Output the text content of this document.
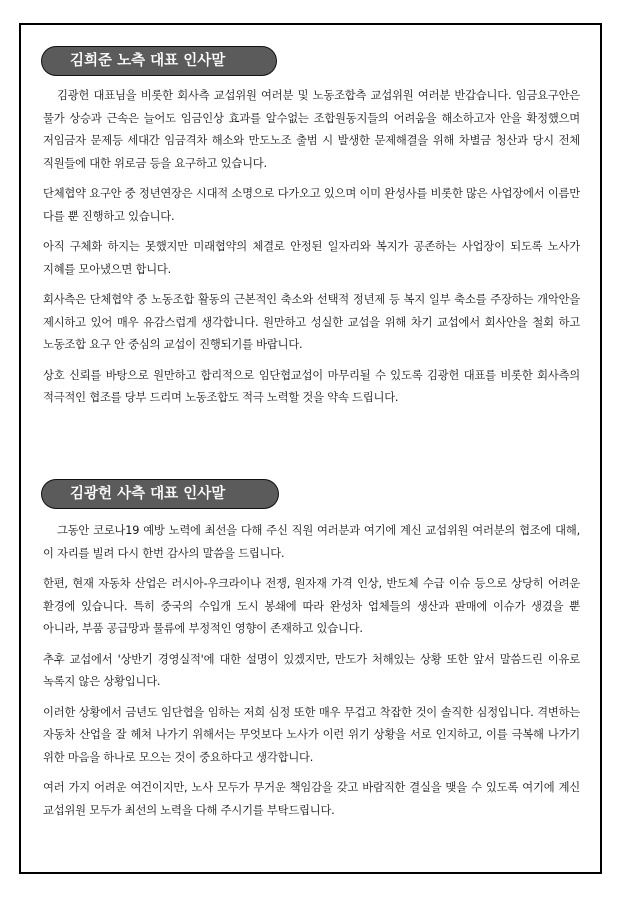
김희준 노측 대표 인사말

김광헌 대표님을 비롯한 회사측 교섭위원 여러분 및 노동조합측 교섭위원 여러분 반갑습니다. 임금요구안은 물가 상승과 근속은 늘어도 임금인상 효과를 알수없는 조합원동지들의 어려움을 해소하고자 안을 확정했으며 저임금자 문제등 세대간 임금격차 해소와 만도노조 출범 시 발생한 문제해결을 위해 차별금 청산과 당시 전체 직원들에 대한 위로금 등을 요구하고 있습니다.

단체협약 요구안 중 정년연장은 시대적 소명으로 다가오고 있으며 이미 완성사를 비롯한 많은 사업장에서 이름만 다를 뿐 진행하고 있습니다.

아직 구체화 하지는 못했지만 미래협약의 체결로 안정된 일자리와 복지가 공존하는 사업장이 되도록 노사가 지혜를 모아냈으면 합니다.

회사측은 단체협약 중 노동조합 활동의 근본적인 축소와 선택적 정년제 등 복지 일부 축소를 주장하는 개악안을 제시하고 있어 매우 유감스럽게 생각합니다. 원만하고 성실한 교섭을 위해 차기 교섭에서 회사안을 철회 하고 노동조합 요구 안 중심의 교섭이 진행되기를 바랍니다.

상호 신뢰를 바탕으로 원만하고 합리적으로 임단협교섭이 마무리될 수 있도록 김광헌 대표를 비롯한 회사측의 적극적인 협조를 당부 드리며 노동조합도 적극 노력할 것을 약속 드립니다.

김광헌 사측 대표 인사말

그동안 코로나19 예방 노력에 최선을 다해 주신 직원 여러분과 여기에 계신 교섭위원 여러분의 협조에 대해, 이 자리를 빌려 다시 한번 감사의 말씀을 드립니다.

한편, 현재 자동차 산업은 러시아-우크라이나 전쟁, 원자재 가격 인상, 반도체 수급 이슈 등으로 상당히 어려운 환경에 있습니다. 특히 중국의 수입개 도시 봉쇄에 따라 완성차 업체들의 생산과 판매에 이슈가 생겼을 뿐 아니라, 부품 공급망과 물류에 부정적인 영향이 존재하고 있습니다.

추후 교섭에서 '상반기 경영실적'에 대한 설명이 있겠지만, 만도가 처해있는 상황 또한 앞서 말씀드린 이유로 녹록지 않은 상황입니다.

이러한 상황에서 금년도 임단협을 임하는 저희 심정 또한 매우 무겁고 착잡한 것이 솔직한 심정입니다. 격변하는 자동차 산업을 잘 헤쳐 나가기 위해서는 무엇보다 노사가 이런 위기 상황을 서로 인지하고, 이를 극복해 나가기 위한 마음을 하나로 모으는 것이 중요하다고 생각합니다.

여러 가지 어려운 여건이지만, 노사 모두가 무거운 책임감을 갖고 바람직한 결실을 맺을 수 있도록 여기에 계신 교섭위원 모두가 최선의 노력을 다해 주시기를 부탁드립니다.
